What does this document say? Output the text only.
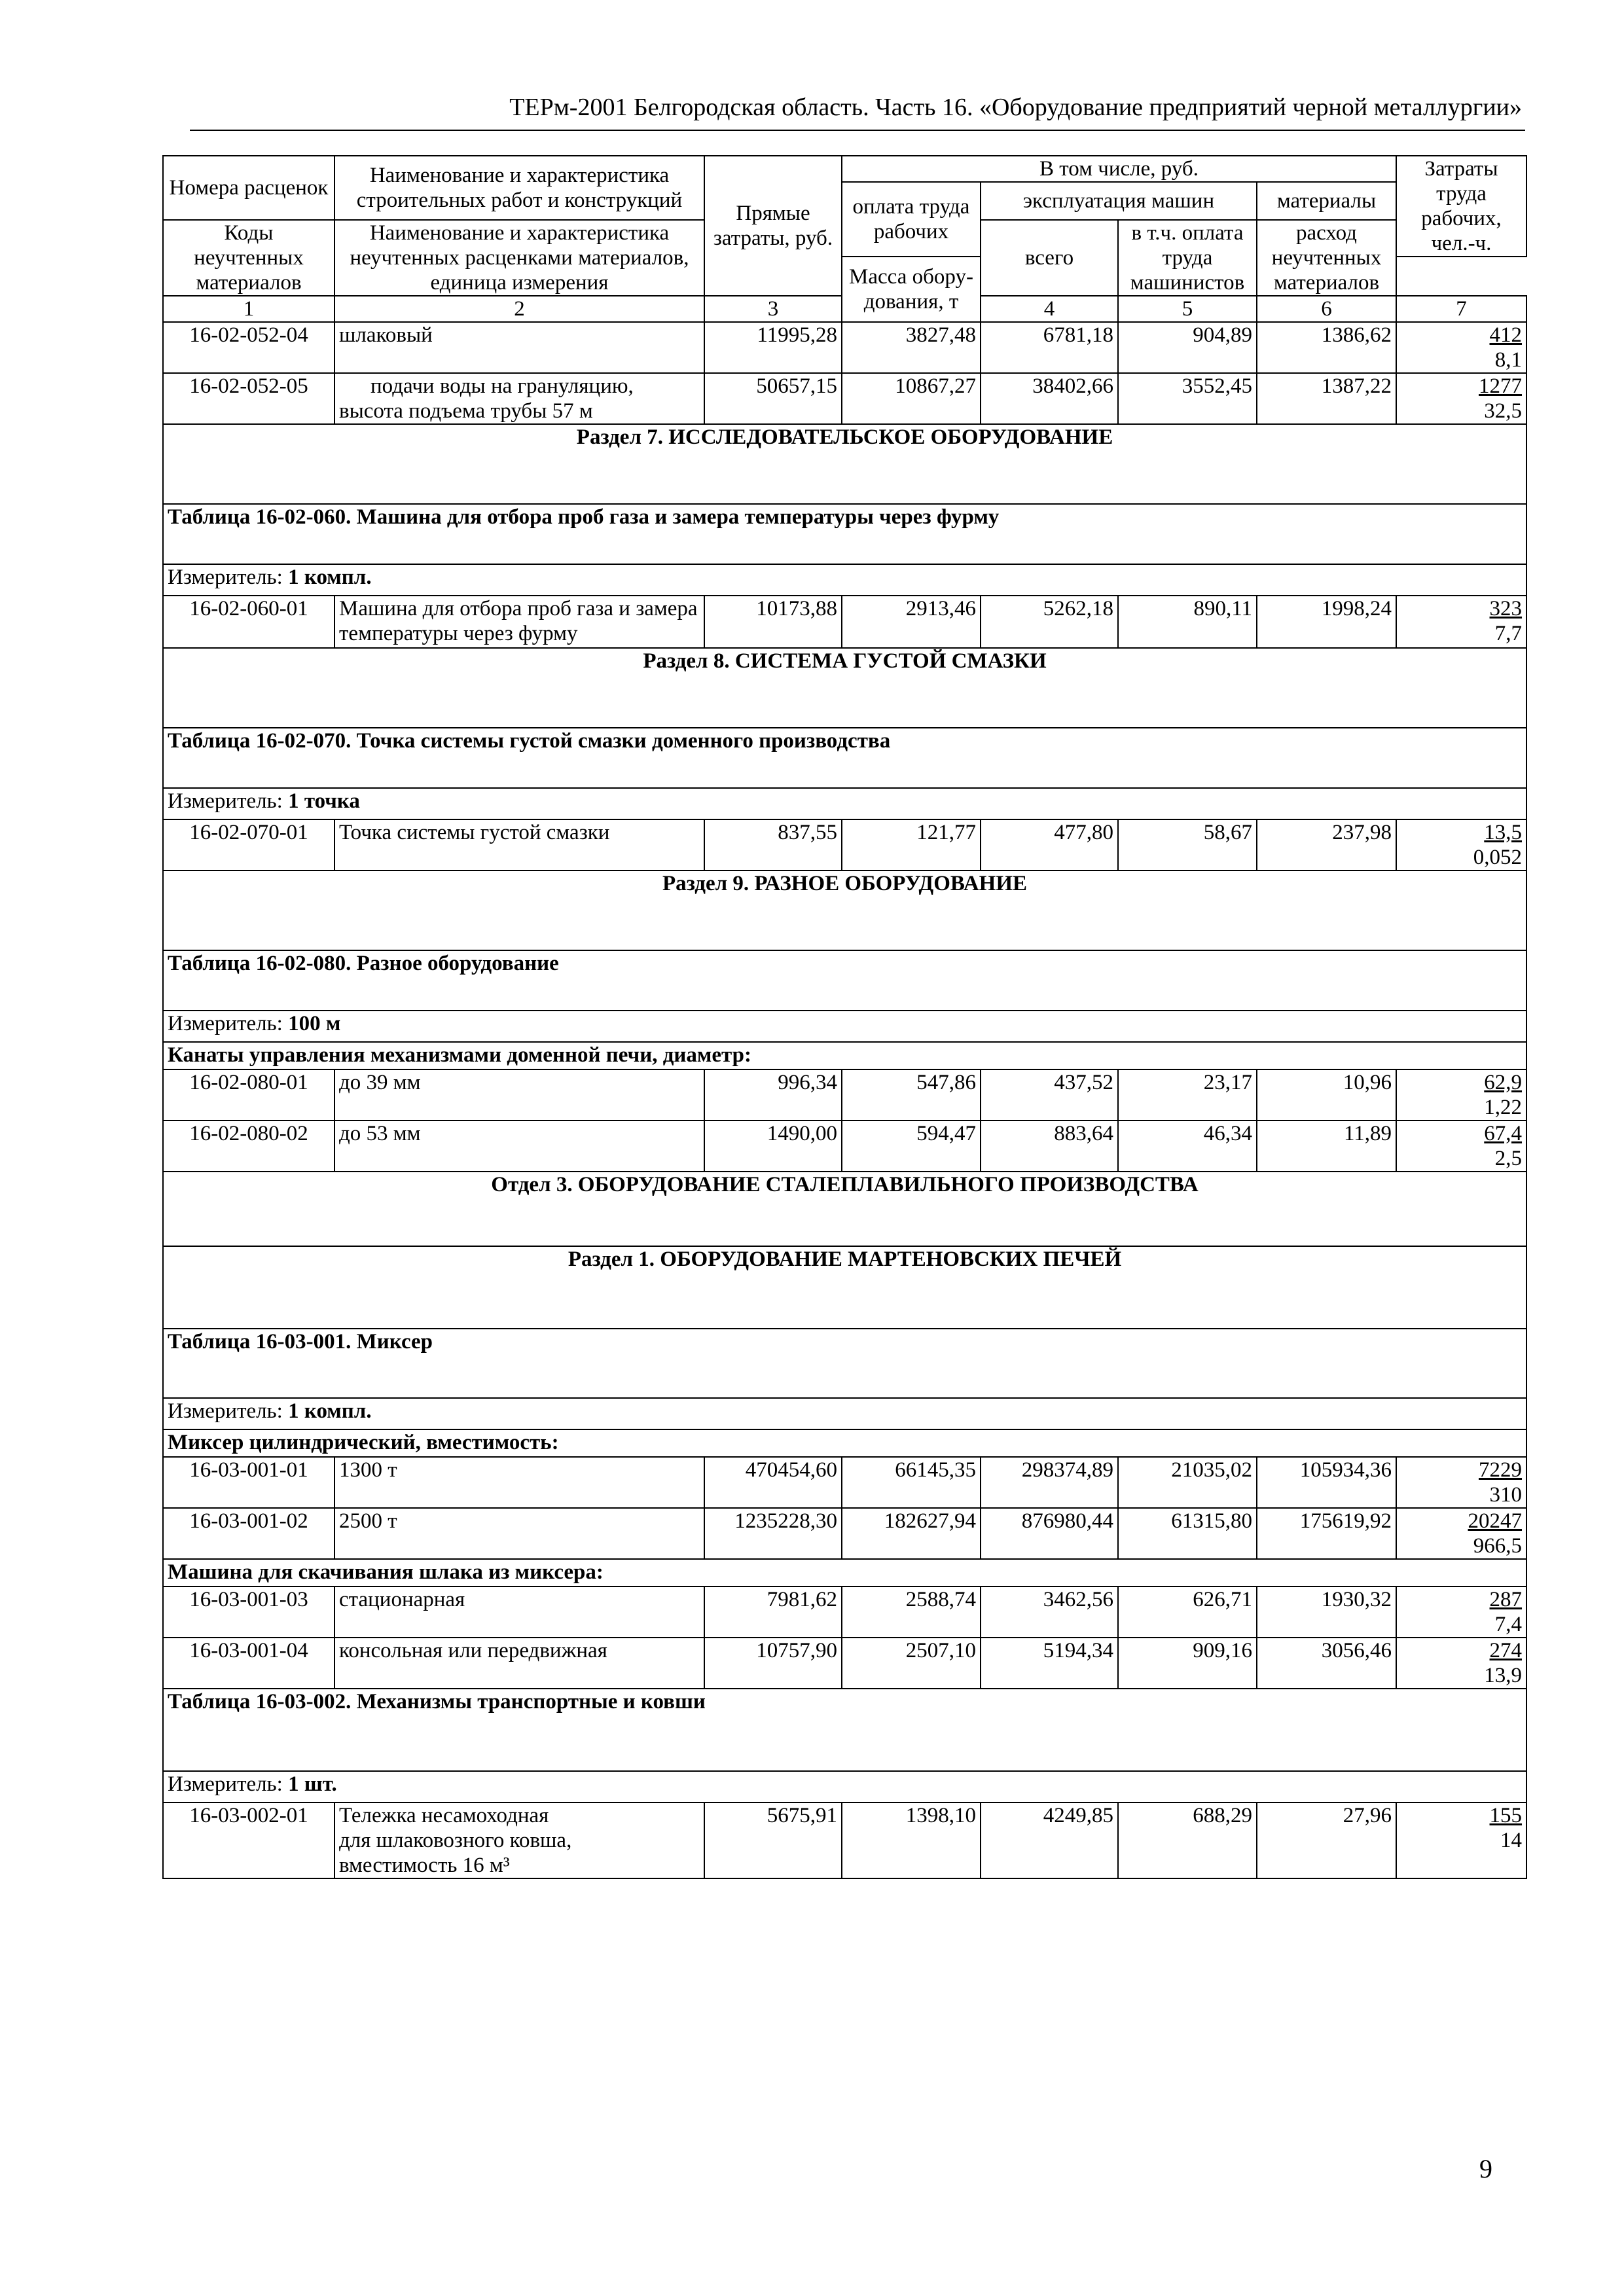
ТЕРм-2001 Белгородская область. Часть 16. «Оборудование предприятий черной металлургии»
Номера расценок	Наименование и характеристика строительных работ и конструкций	Прямые затраты, руб.	В том числе, руб.				Затраты труда рабочих, чел.-ч.
			оплата труда рабочих	эксплуатация машин		материалы	
Коды неучтенных материалов	Наименование и характеристика неучтенных расценками материалов, единица измерения			всего	в т.ч. оплата труда машинистов	расход неучтенных материалов	
			Масса обору-дования, т				
1	2	3		4	5	6	7
16-02-052-04	шлаковый	11995,28	3827,48	6781,18	904,89	1386,62	412
8,1
16-02-052-05	подачи воды на грануляцию, высота подъема трубы 57 м	50657,15	10867,27	38402,66	3552,45	1387,22	1277
32,5
Раздел 7. ИССЛЕДОВАТЕЛЬСКОЕ ОБОРУДОВАНИЕ							
Таблица 16-02-060. Машина для отбора проб газа и замера температуры через фурму							
Измеритель: 1 компл.							
16-02-060-01	Машина для отбора проб газа и замера температуры через фурму	10173,88	2913,46	5262,18	890,11	1998,24	323
7,7
Раздел 8. СИСТЕМА ГУСТОЙ СМАЗКИ							
Таблица 16-02-070. Точка системы густой смазки доменного производства							
Измеритель: 1 точка							
16-02-070-01	Точка системы густой смазки	837,55	121,77	477,80	58,67	237,98	13,5
0,052
Раздел 9. РАЗНОЕ ОБОРУДОВАНИЕ							
Таблица 16-02-080. Разное оборудование							
Измеритель: 100 м							
Канаты управления механизмами доменной печи, диаметр:							
16-02-080-01	до 39 мм	996,34	547,86	437,52	23,17	10,96	62,9
1,22
16-02-080-02	до 53 мм	1490,00	594,47	883,64	46,34	11,89	67,4
2,5
Отдел 3. ОБОРУДОВАНИЕ СТАЛЕПЛАВИЛЬНОГО ПРОИЗВОДСТВА							
Раздел 1. ОБОРУДОВАНИЕ МАРТЕНОВСКИХ ПЕЧЕЙ							
Таблица 16-03-001. Миксер							
Измеритель: 1 компл.							
Миксер цилиндрический, вместимость:							
16-03-001-01	1300 т	470454,60	66145,35	298374,89	21035,02	105934,36	7229
310
16-03-001-02	2500 т	1235228,30	182627,94	876980,44	61315,80	175619,92	20247
966,5
Машина для скачивания шлака из миксера:							
16-03-001-03	стационарная	7981,62	2588,74	3462,56	626,71	1930,32	287
7,4
16-03-001-04	консольная или передвижная	10757,90	2507,10	5194,34	909,16	3056,46	274
13,9
Таблица 16-03-002. Механизмы транспортные и ковши							
Измеритель: 1 шт.							
16-03-002-01	Тележка несамоходная для шлаковозного ковша, вместимость 16 м³	5675,91	1398,10	4249,85	688,29	27,96	155
14
9
